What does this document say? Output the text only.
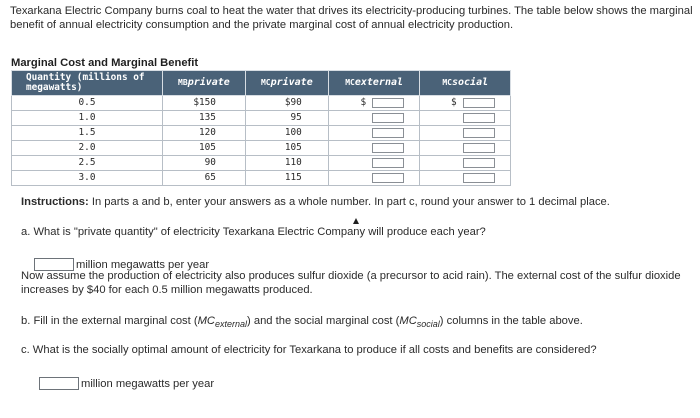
Texarkana Electric Company burns coal to heat the water that drives its electricity-producing turbines. The table below shows the marginal benefit of annual electricity consumption and the private marginal cost of annual electricity production.
Marginal Cost and Marginal Benefit
Quantity (millions of megawatts)	MBprivate	MCprivate	MCexternal	MCsocial
0.5	$150	$90	$	$

1.0	135	95	

1.5	120	100	

2.0	105	105	

2.5	90	110	

3.0	65	115	

Instructions: In parts a and b, enter your answers as a whole number. In part c, round your answer to 1 decimal place.
a. What is "private quantity" of electricity Texarkana Electric Company will produce each year?
million megawatts per year
Now assume the production of electricity also produces sulfur dioxide (a precursor to acid rain). The external cost of the sulfur dioxide increases by $40 for each 0.5 million megawatts produced.
b. Fill in the external marginal cost $(MC_{external})$ and the social marginal cost $(MC_{social})$ columns in the table above.
c. What is the socially optimal amount of electricity for Texarkana to produce if all costs and benefits are considered?
million megawatts per year
